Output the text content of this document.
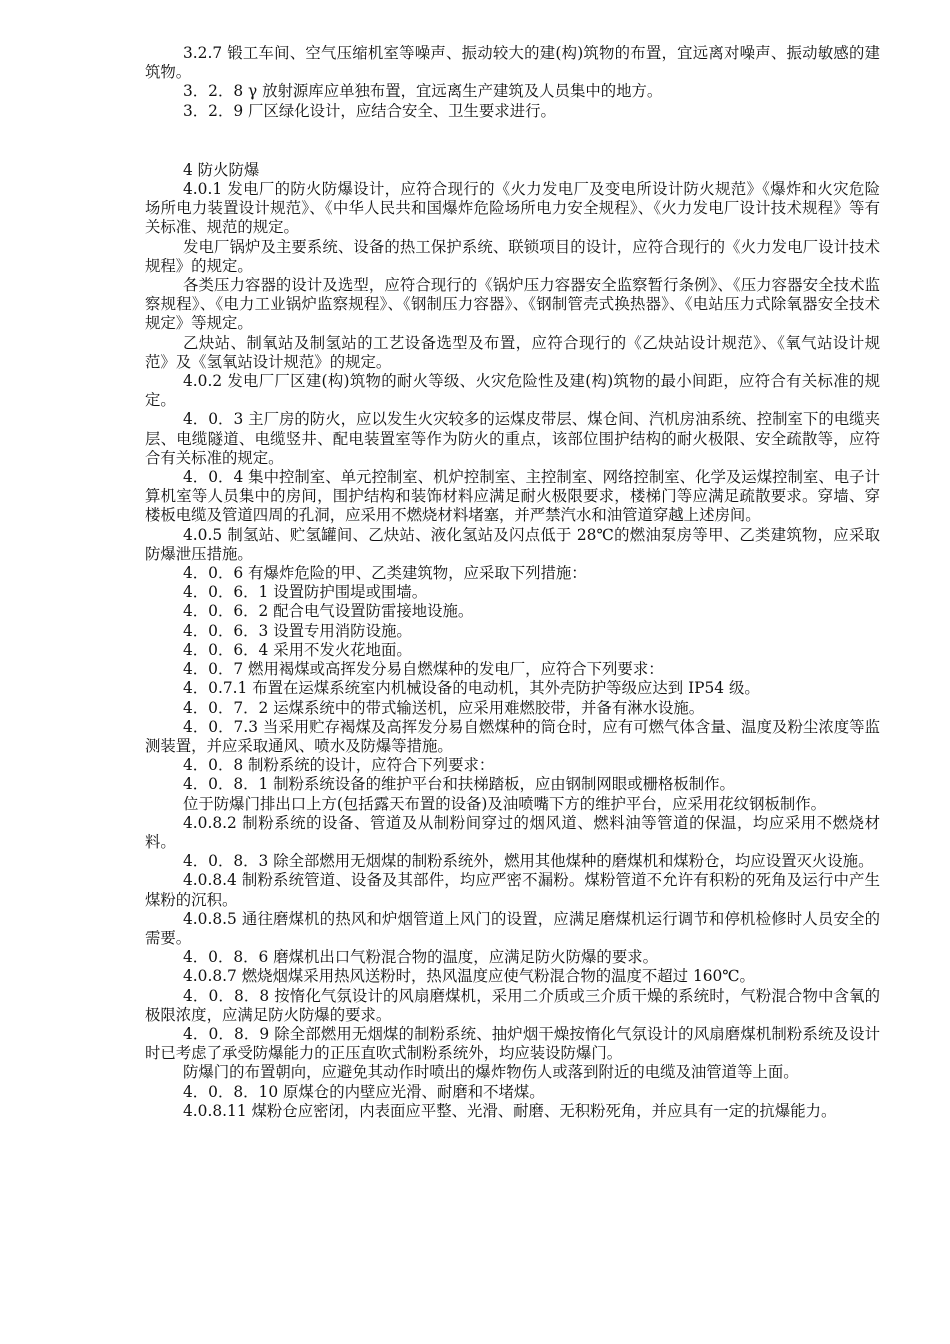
3.2.7 锻工车间、空气压缩机室等噪声、振动较大的建(构)筑物的布置，宜远离对噪声、振动敏感的建筑物。

3．2．8 γ 放射源库应单独布置，宜远离生产建筑及人员集中的地方。

3．2．9 厂区绿化设计，应结合安全、卫生要求进行。

4 防火防爆

4.0.1 发电厂的防火防爆设计，应符合现行的《火力发电厂及变电所设计防火规范》《爆炸和火灾危险场所电力装置设计规范》、《中华人民共和国爆炸危险场所电力安全规程》、《火力发电厂设计技术规程》等有关标准、规范的规定。

发电厂锅炉及主要系统、设备的热工保护系统、联锁项目的设计，应符合现行的《火力发电厂设计技术规程》的规定。

各类压力容器的设计及选型，应符合现行的《锅炉压力容器安全监察暂行条例》、《压力容器安全技术监察规程》、《电力工业锅炉监察规程》、《钢制压力容器》、《钢制管壳式换热器》、《电站压力式除氧器安全技术规定》等规定。

乙炔站、制氧站及制氢站的工艺设备选型及布置，应符合现行的《乙炔站设计规范》、《氧气站设计规范》及《氢氧站设计规范》的规定。

4.0.2 发电厂厂区建(构)筑物的耐火等级、火灾危险性及建(构)筑物的最小间距，应符合有关标准的规定。

4．0．3 主厂房的防火，应以发生火灾较多的运煤皮带层、煤仓间、汽机房油系统、控制室下的电缆夹层、电缆隧道、电缆竖井、配电装置室等作为防火的重点，该部位围护结构的耐火极限、安全疏散等，应符合有关标准的规定。

4．0．4 集中控制室、单元控制室、机炉控制室、主控制室、网络控制室、化学及运煤控制室、电子计算机室等人员集中的房间，围护结构和装饰材料应满足耐火极限要求，楼梯门等应满足疏散要求。穿墙、穿楼板电缆及管道四周的孔洞，应采用不燃烧材料堵塞，并严禁汽水和油管道穿越上述房间。

4.0.5 制氢站、贮氢罐间、乙炔站、液化氢站及闪点低于 28℃的燃油泵房等甲、乙类建筑物，应采取防爆泄压措施。

4．0．6 有爆炸危险的甲、乙类建筑物，应采取下列措施：

4．0．6．1 设置防护围堤或围墙。

4．0．6．2 配合电气设置防雷接地设施。

4．0．6．3 设置专用消防设施。

4．0．6．4 采用不发火花地面。

4．0．7 燃用褐煤或高挥发分易自燃煤种的发电厂，应符合下列要求：

4．0.7.1 布置在运煤系统室内机械设备的电动机，其外壳防护等级应达到 IP54 级。

4．0．7．2 运煤系统中的带式输送机，应采用难燃胶带，并备有淋水设施。

4．0．7.3 当采用贮存褐煤及高挥发分易自燃煤种的筒仓时，应有可燃气体含量、温度及粉尘浓度等监测装置，并应采取通风、喷水及防爆等措施。

4．0．8 制粉系统的设计，应符合下列要求：

4．0．8．1 制粉系统设备的维护平台和扶梯踏板，应由钢制网眼或栅格板制作。

位于防爆门排出口上方(包括露天布置的设备)及油喷嘴下方的维护平台，应采用花纹钢板制作。

4.0.8.2 制粉系统的设备、管道及从制粉间穿过的烟风道、燃料油等管道的保温，均应采用不燃烧材料。

4．0．8．3 除全部燃用无烟煤的制粉系统外，燃用其他煤种的磨煤机和煤粉仓，均应设置灭火设施。

4.0.8.4 制粉系统管道、设备及其部件，均应严密不漏粉。煤粉管道不允许有积粉的死角及运行中产生煤粉的沉积。

4.0.8.5 通往磨煤机的热风和炉烟管道上风门的设置，应满足磨煤机运行调节和停机检修时人员安全的需要。

4．0．8．6 磨煤机出口气粉混合物的温度，应满足防火防爆的要求。

4.0.8.7 燃烧烟煤采用热风送粉时，热风温度应使气粉混合物的温度不超过 160℃。

4．0．8．8 按惰化气氛设计的风扇磨煤机，采用二介质或三介质干燥的系统时，气粉混合物中含氧的极限浓度，应满足防火防爆的要求。

4．0．8．9 除全部燃用无烟煤的制粉系统、抽炉烟干燥按惰化气氛设计的风扇磨煤机制粉系统及设计时已考虑了承受防爆能力的正压直吹式制粉系统外，均应装设防爆门。

防爆门的布置朝向，应避免其动作时喷出的爆炸物伤人或落到附近的电缆及油管道等上面。

4．0．8．10 原煤仓的内壁应光滑、耐磨和不堵煤。

4.0.8.11 煤粉仓应密闭，内表面应平整、光滑、耐磨、无积粉死角，并应具有一定的抗爆能力。
